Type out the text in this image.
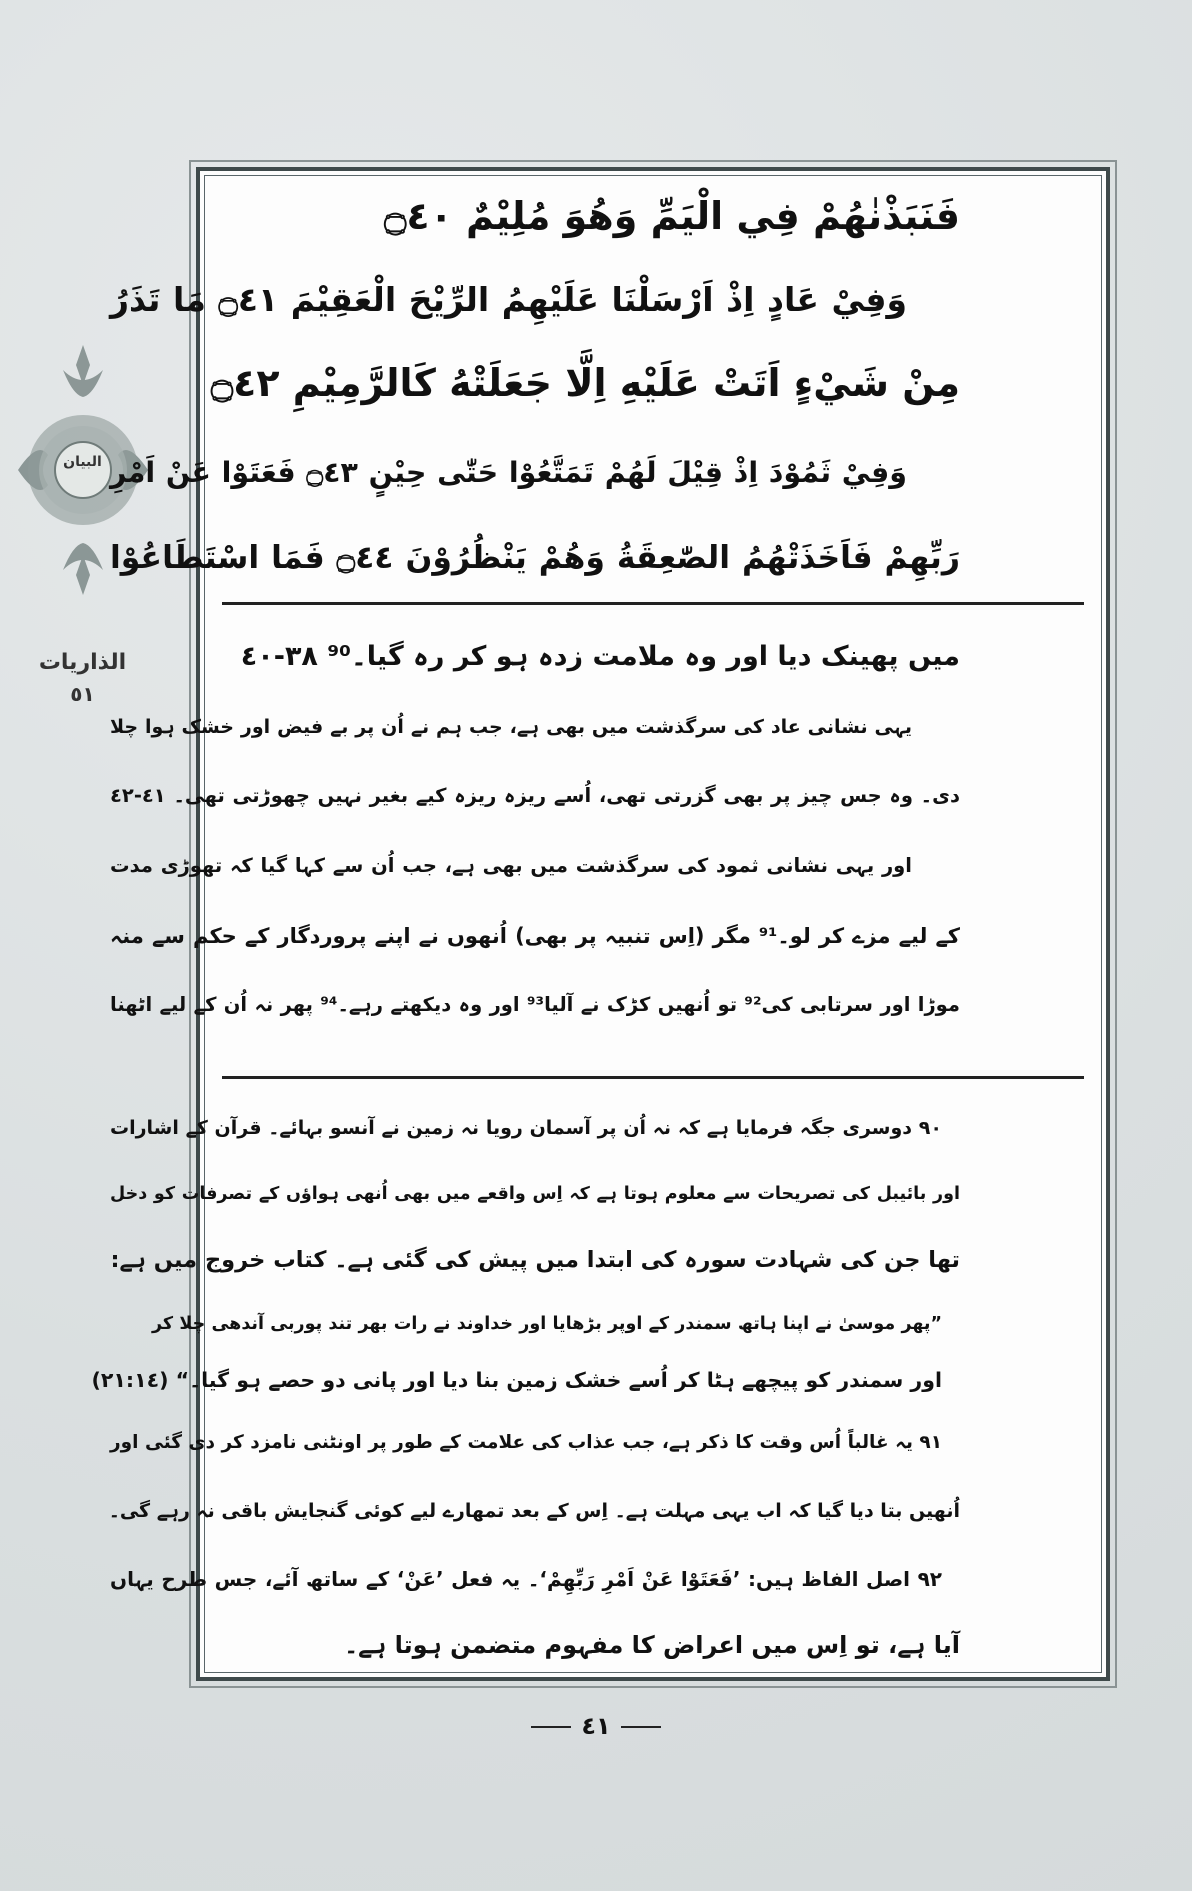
البیان
الذاریات
٥١
فَنَبَذْنٰهُمْ فِي الْيَمِّ وَهُوَ مُلِيْمٌ ۝٤٠
وَفِيْ عَادٍ اِذْ اَرْسَلْنَا عَلَيْهِمُ الرِّيْحَ الْعَقِيْمَ ۝٤١ مَا تَذَرُ
مِنْ شَيْءٍ اَتَتْ عَلَيْهِ اِلَّا جَعَلَتْهُ كَالرَّمِيْمِ ۝٤٢
وَفِيْ ثَمُوْدَ اِذْ قِيْلَ لَهُمْ تَمَتَّعُوْا حَتّٰى حِيْنٍ ۝٤٣ فَعَتَوْا عَنْ اَمْرِ
رَبِّهِمْ فَاَخَذَتْهُمُ الصّٰعِقَةُ وَهُمْ يَنْظُرُوْنَ ۝٤٤ فَمَا اسْتَطَاعُوْا
میں پھینک دیا اور وہ ملامت زدہ ہو کر رہ گیا۔⁹⁰ ٣٨-٤٠
یہی نشانی عاد کی سرگذشت میں بھی ہے، جب ہم نے اُن پر بے فیض اور خشک ہوا چلا
دی۔ وہ جس چیز پر بھی گزرتی تھی، اُسے ریزہ ریزہ کیے بغیر نہیں چھوڑتی تھی۔ ٤١-٤٢
اور یہی نشانی ثمود کی سرگذشت میں بھی ہے، جب اُن سے کہا گیا کہ تھوڑی مدت
کے لیے مزے کر لو۔⁹¹ مگر (اِس تنبیہ پر بھی) اُنھوں نے اپنے پروردگار کے حکم سے منہ
موڑا اور سرتابی کی⁹² تو اُنھیں کڑک نے آلیا⁹³ اور وہ دیکھتے رہے۔⁹⁴ پھر نہ اُن کے لیے اٹھنا
٩٠ دوسری جگہ فرمایا ہے کہ نہ اُن پر آسمان رویا نہ زمین نے آنسو بہائے۔ قرآن کے اشارات
اور بائیبل کی تصریحات سے معلوم ہوتا ہے کہ اِس واقعے میں بھی اُنھی ہواؤں کے تصرفات کو دخل
تھا جن کی شہادت سورہ کی ابتدا میں پیش کی گئی ہے۔ کتاب خروج میں ہے:
”پھر موسیٰ نے اپنا ہاتھ سمندر کے اوپر بڑھایا اور خداوند نے رات بھر تند پوربی آندھی چلا کر
اور سمندر کو پیچھے ہٹا کر اُسے خشک زمین بنا دیا اور پانی دو حصے ہو گیا۔“ (٢١:١٤)
٩١ یہ غالباً اُس وقت کا ذکر ہے، جب عذاب کی علامت کے طور پر اونٹنی نامزد کر دی گئی اور
اُنھیں بتا دیا گیا کہ اب یہی مہلت ہے۔ اِس کے بعد تمھارے لیے کوئی گنجایش باقی نہ رہے گی۔
٩٢ اصل الفاظ ہیں: ’فَعَتَوْا عَنْ اَمْرِ رَبِّهِمْ‘۔ یہ فعل ’عَنْ‘ کے ساتھ آئے، جس طرح یہاں
آیا ہے، تو اِس میں اعراض کا مفہوم متضمن ہوتا ہے۔
٤١
